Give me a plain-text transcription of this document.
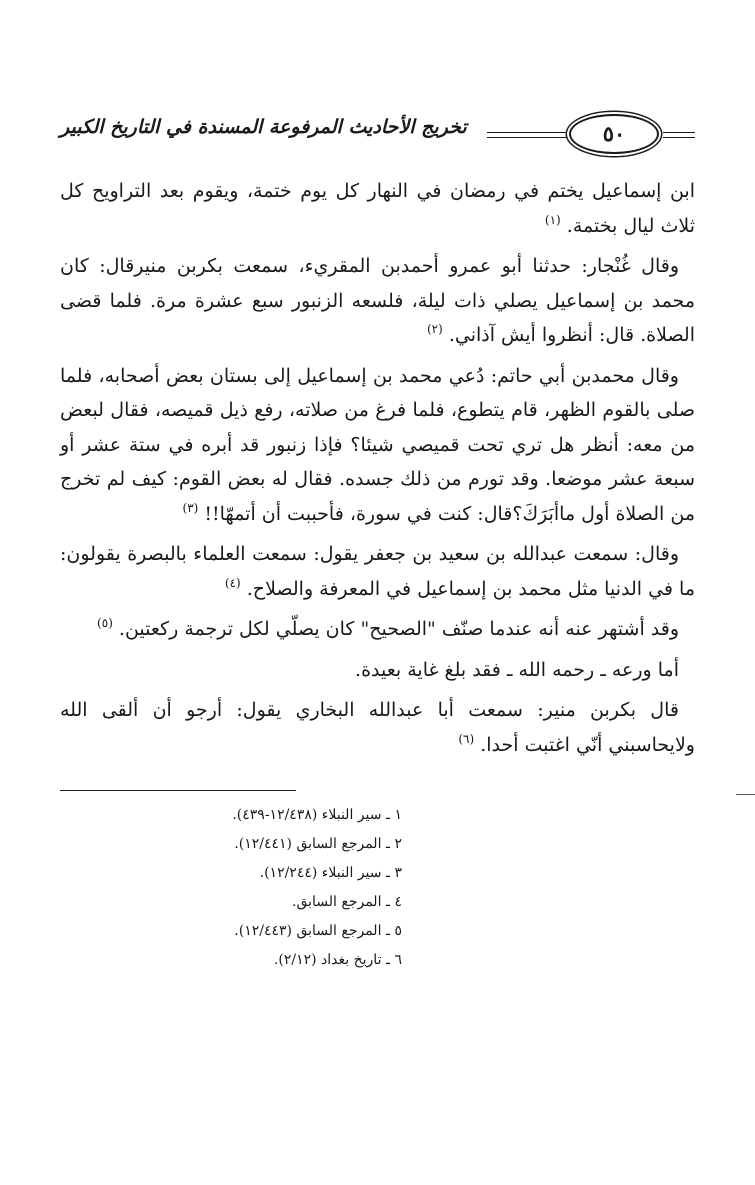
٥٠
تخريج الأحاديث المرفوعة المسندة في التاريخ الكبير

ابن إسماعيل يختم في رمضان في النهار كل يوم ختمة، ويقوم بعد التراويح كل ثلاث ليال بختمة. $^{(١)}$

وقال غُنْجار: حدثنا أبو عمرو أحمدبن المقريء، سمعت بكربن منيرقال: كان محمد بن إسماعيل يصلي ذات ليلة، فلسعه الزنبور سبع عشرة مرة. فلما قضى الصلاة. قال: أنظروا أيش آذاني. $^{(٢)}$

وقال محمدبن أبي حاتم: دُعي محمد بن إسماعيل إلى بستان بعض أصحابه، فلما صلى بالقوم الظهر، قام يتطوع، فلما فرغ من صلاته، رفع ذيل قميصه، فقال لبعض من معه: أنظر هل تري تحت قميصي شيئا؟ فإذا زنبور قد أبره في ستة عشر أو سبعة عشر موضعا. وقد تورم من ذلك جسده. فقال له بعض القوم: كيف لم تخرج من الصلاة أول ماأبَرَكَ؟قال: كنت في سورة، فأحببت أن أتمهّا!! $^{(٣)}$

وقال: سمعت عبدالله بن سعيد بن جعفر يقول: سمعت العلماء بالبصرة يقولون: ما في الدنيا مثل محمد بن إسماعيل في المعرفة والصلاح. $^{(٤)}$

وقد أشتهر عنه أنه عندما صنّف "الصحيح" كان يصلّي لكل ترجمة ركعتين. $^{(٥)}$

أما ورعه ـ رحمه الله ـ فقد بلغ غاية بعيدة.

قال بكربن منير: سمعت أبا عبدالله البخاري يقول: أرجو أن ألقى الله ولايحاسبني أنّي اغتبت أحدا. $^{(٦)}$

١ ـ سير النبلاء (١٢/٤٣٨-٤٣٩).
٢ ـ المرجع السابق (١٢/٤٤١).
٣ ـ سير النبلاء (١٢/٢٤٤).
٤ ـ المرجع السابق.
٥ ـ المرجع السابق (١٢/٤٤٣).
٦ ـ تاريخ بغداد (٢/١٢).
